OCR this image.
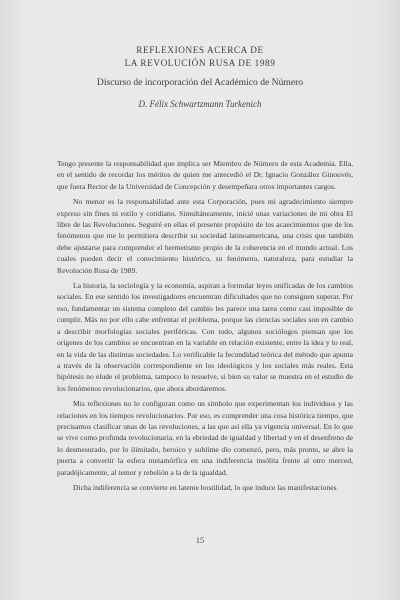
REFLEXIONES ACERCA DE
LA REVOLUCIÓN RUSA DE 1989
Discurso de incorporación del Académico de Número
D. Félix Schwartzmann Turkenich

Tengo presente la responsabilidad que implica ser Miembro de Número de esta Academia. Ella, en el sentido de recordar los méritos de quien me antecedió el Dr. Ignacio González Ginouvés, que fuera Rector de la Universidad de Concepción y desempeñara otros importantes cargos.

No menor es la responsabilidad ante esta Corporación, pues mi agradecimiento siempre expreso sin fines ni estilo y cotidiano. Simultáneamente, inicié unas variaciones de mi obra El libre de las Revoluciones. Seguiré en ellas el presente propósito de los acaecimientos que de los fenómenos que me lo permitiera describir su sociedad latinoamericana, una crisis que también debe ajustarse para comprender el hermetismo propio de la coherencia en el mundo actual. Los cuales pueden decir el conocimiento histórico, su fenómeno, naturaleza, para estudiar la Revolución Rusa de 1989.

La historia, la sociología y la economía, aspiran a formular leyes unificadas de los cambios sociales. En ese sentido los investigadores encuentran dificultades que no consiguen superar. Por eso, fundamentar un sistema completo del cambio les parece una tarea como casi imposible de cumplir. Más no por ello cabe enfrentar el problema, porque las ciencias sociales son en cambio a describir morfologías sociales periféricas. Con todo, algunos sociólogos piensan que los orígenes de los cambios se encuentran en la variable en relación existente, entre la idea y lo real, en la vida de las distintas sociedades. Lo verificable la fecundidad teórica del método que apunta a través de la observación correspondiente en los ideológicos y los sociales más reales. Esta hipótesis no elude el problema, tampoco lo resuelve, si bien su valor se muestra en el estudio de los fenómenos revolucionarios, que ahora abordaremos.

Mis reflexiones no lo configuran como un símbolo que experimentan los individuos y las relaciones en los tiempos revolucionarios. Por eso, es comprender una cosa histórica tiempo, que precisamos clasificar unas de las revoluciones, a las que así ella ya vigencia universal. En lo que se vive como profunda revolucionaria, en la ebriedad de igualdad y libertad y en el desenfreno de lo desmesurado, por lo ilimitado, heroico y sublime dio comenzó, pero, más pronto, se abre la puerta a convertir la esfera metamórfica en una indiferencia insólita frente al otro merced, paradójicamente, al temor y rebelión a la de la igualdad.

Dicha indiferencia se convierte en latente hostilidad, lo que induce las manifestaciones

15
